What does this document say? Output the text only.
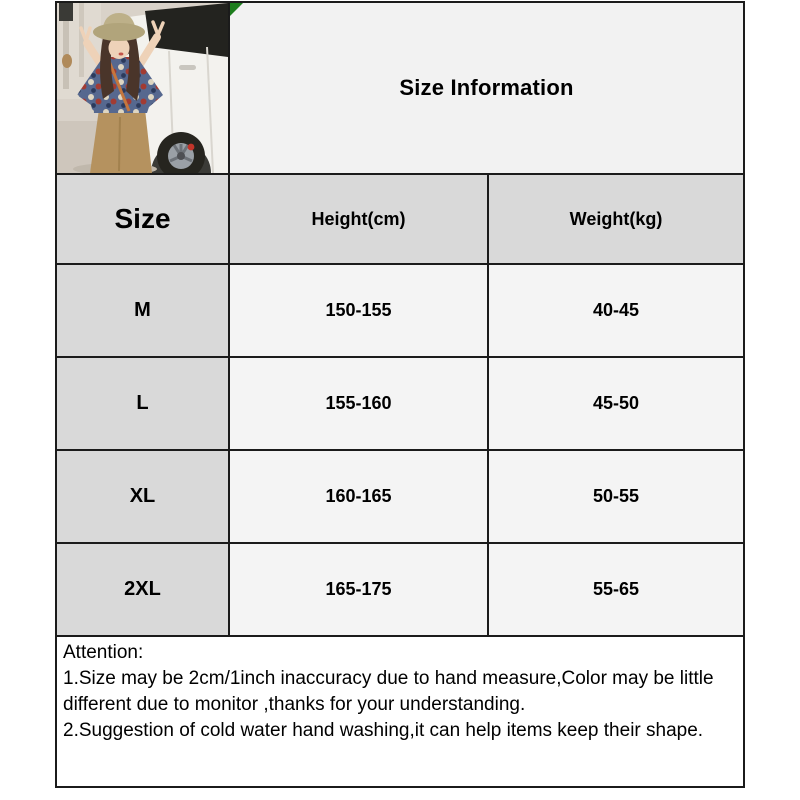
Size Information
Size	Height(cm)	Weight(kg)
M	150-155	40-45
L	155-160	45-50
XL	160-165	50-55
2XL	165-175	55-65
Attention:
1.Size may be 2cm/1inch inaccuracy due to hand measure,Color may be little different due to monitor ,thanks for your understanding.
2.Suggestion of cold water hand washing,it can help items keep their shape.
